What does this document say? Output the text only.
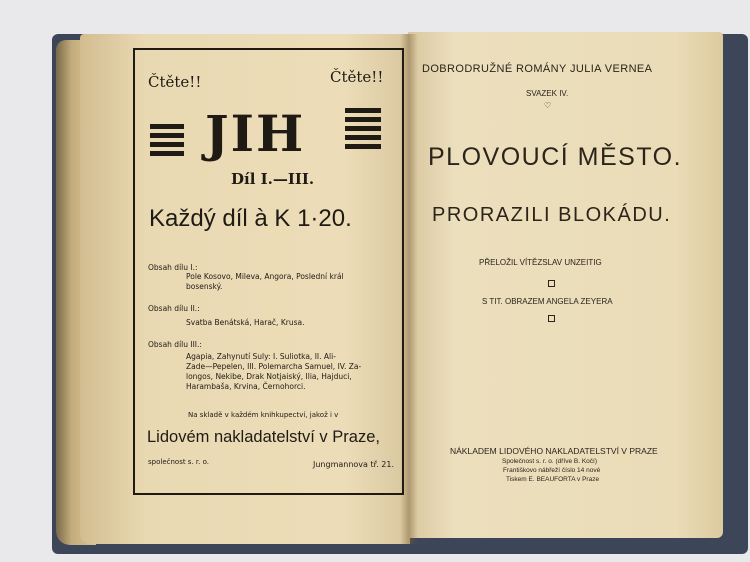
Čtěte!!	Čtěte!!
JIH
Díl I.—III.
Každý díl à K 1·20.
Obsah dílu I.:
Pole Kosovo, Mileva, Angora, Poslední král
bosenský.
Obsah dílu II.:
Svatba Benátská, Harač, Krusa.
Obsah dílu III.:
Agapia, Zahynutí Suly: I. Suliotka, II. Ali-
Zade—Pepelen, III. Polemarcha Samuel, IV. Za-
longos, Nekibe, Drak Notjaiský, Ilia, Hajduci,
Harambaša, Krvina, Černohorci.
Na skladě v každém knihkupectví, jakož i v
Lidovém nakladatelství v Praze,
společnost s. r. o.	Jungmannova tř. 21.
DOBRODRUŽNÉ ROMÁNY JULIA VERNEA
SVAZEK IV.
♡
PLOVOUCÍ MĚSTO.
PRORAZILI BLOKÁDU.
PŘELOŽIL VÍTĚZSLAV UNZEITIG
S TIT. OBRAZEM ANGELA ZEYERA
NÁKLADEM LIDOVÉHO NAKLADATELSTVÍ V PRAZE
Společnost s. r. o. (dříve B. Kočí)
Františkovo nábřeží číslo 14 nové
Tiskem E. BEAUFORTA v Praze
